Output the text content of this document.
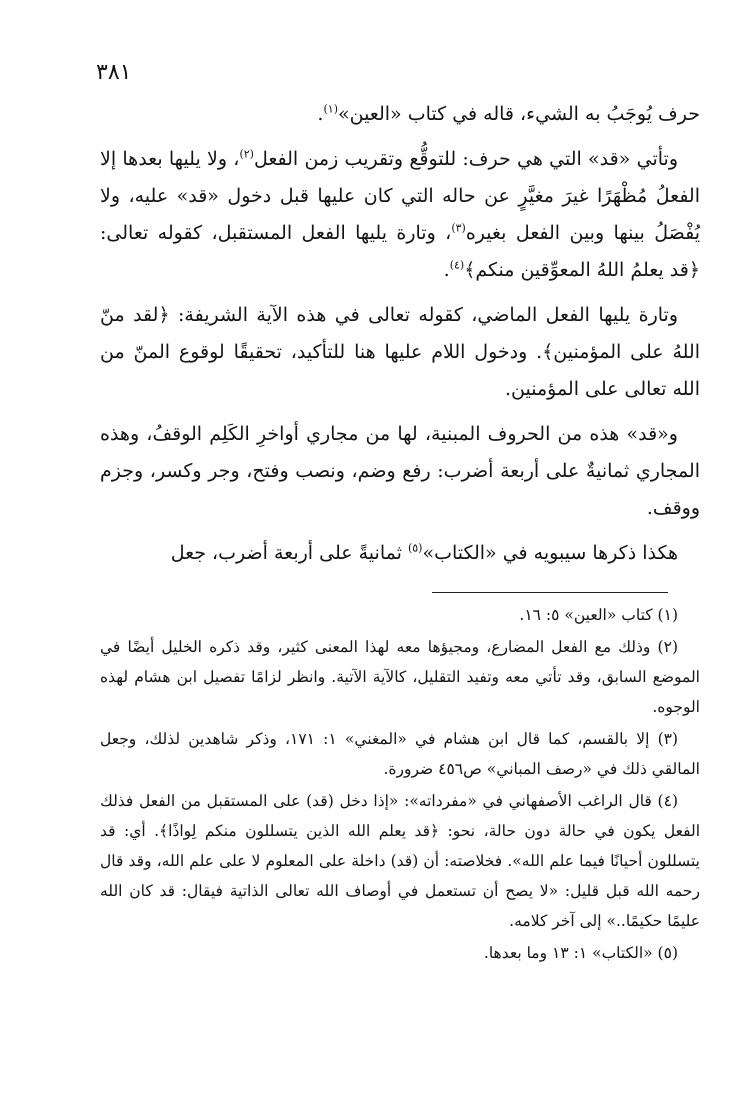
٣٨١

حرف يُوجَبُ به الشيء، قاله في كتاب «العين»$^{(١)}$.

وتأتي «قد» التي هي حرف: للتوقُّع وتقريب زمن الفعل$^{(٢)}$، ولا يليها بعدها إلا الفعلُ مُظْهَرًا غيرَ مغيَّرٍ عن حاله التي كان عليها قبل دخول «قد» عليه، ولا يُفْصَلُ بينها وبين الفعل بغيره$^{(٣)}$، وتارة يليها الفعل المستقبل، كقوله تعالى: ﴿قد يعلمُ اللهُ المعوِّقين منكم﴾$^{(٤)}$.

وتارة يليها الفعل الماضي، كقوله تعالى في هذه الآية الشريفة: ﴿لقد منّ اللهُ على المؤمنين﴾. ودخول اللام عليها هنا للتأكيد، تحقيقًا لوقوع المنّ من الله تعالى على المؤمنين.

و«قد» هذه من الحروف المبنية، لها من مجاري أواخرِ الكَلِم الوقفُ، وهذه المجاري ثمانيةٌ على أربعة أضرب: رفع وضم، ونصب وفتح، وجر وكسر، وجزم ووقف.

هكذا ذكرها سيبويه في «الكتاب»$^{(٥)}$ ثمانيةً على أربعة أضرب، جعل

(١) كتاب «العين» ٥: ١٦.

(٢) وذلك مع الفعل المضارع، ومجيؤها معه لهذا المعنى كثير، وقد ذكره الخليل أيضًا في الموضع السابق، وقد تأتي معه وتفيد التقليل، كالآية الآتية. وانظر لزامًا تفصيل ابن هشام لهذه الوجوه.

(٣) إلا بالقسم، كما قال ابن هشام في «المغني» ١: ١٧١، وذكر شاهدين لذلك، وجعل المالقي ذلك في «رصف المباني» ص٤٥٦ ضرورة.

(٤) قال الراغب الأصفهاني في «مفرداته»: «إذا دخل (قد) على المستقبل من الفعل فذلك الفعل يكون في حالة دون حالة، نحو: ﴿قد يعلم الله الذين يتسللون منكم لِواذًا﴾. أي: قد يتسللون أحيانًا فيما علم الله». فخلاصته: أن (قد) داخلة على المعلوم لا على علم الله، وقد قال رحمه الله قبل قليل: «لا يصح أن تستعمل في أوصاف الله تعالى الذاتية فيقال: قد كان الله عليمًا حكيمًا..» إلى آخر كلامه.

(٥) «الكتاب» ١: ١٣ وما بعدها.
